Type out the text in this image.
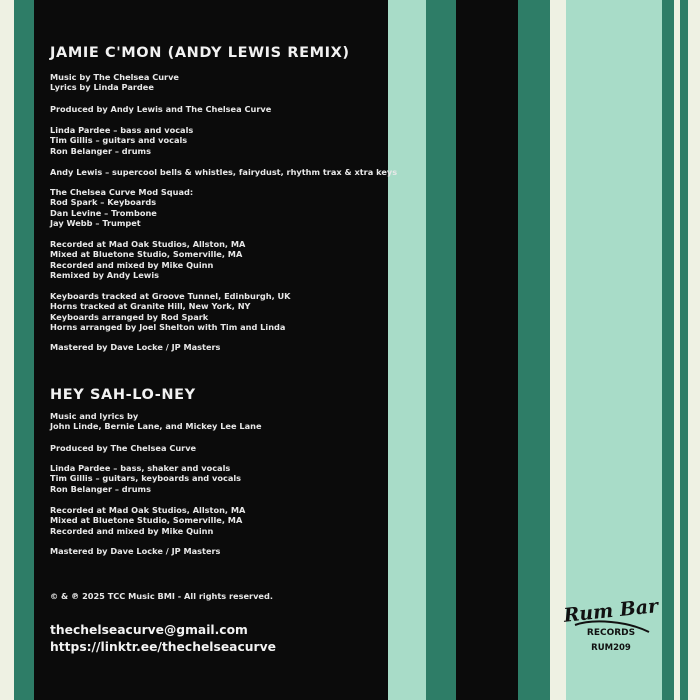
JAMIE C'MON (ANDY LEWIS REMIX)
Music by The Chelsea Curve
Lyrics by Linda Pardee
Produced by Andy Lewis and The Chelsea Curve
Linda Pardee – bass and vocals
Tim Gillis – guitars and vocals
Ron Belanger – drums
Andy Lewis – supercool bells & whistles, fairydust, rhythm trax & xtra keys
The Chelsea Curve Mod Squad:
Rod Spark – Keyboards
Dan Levine – Trombone
Jay Webb – Trumpet
Recorded at Mad Oak Studios, Allston, MA
Mixed at Bluetone Studio, Somerville, MA
Recorded and mixed by Mike Quinn
Remixed by Andy Lewis
Keyboards tracked at Groove Tunnel, Edinburgh, UK
Horns tracked at Granite Hill, New York, NY
Keyboards arranged by Rod Spark
Horns arranged by Joel Shelton with Tim and Linda
Mastered by Dave Locke / JP Masters
HEY SAH-LO-NEY
Music and lyrics by
John Linde, Bernie Lane, and Mickey Lee Lane
Produced by The Chelsea Curve
Linda Pardee – bass, shaker and vocals
Tim Gillis – guitars, keyboards and vocals
Ron Belanger – drums
Recorded at Mad Oak Studios, Allston, MA
Mixed at Bluetone Studio, Somerville, MA
Recorded and mixed by Mike Quinn
Mastered by Dave Locke / JP Masters
© & ℗ 2025 TCC Music BMI - All rights reserved.
thechelseacurve@gmail.com
https://linktr.ee/thechelseacurve
Rum Bar
RECORDS
RUM209
